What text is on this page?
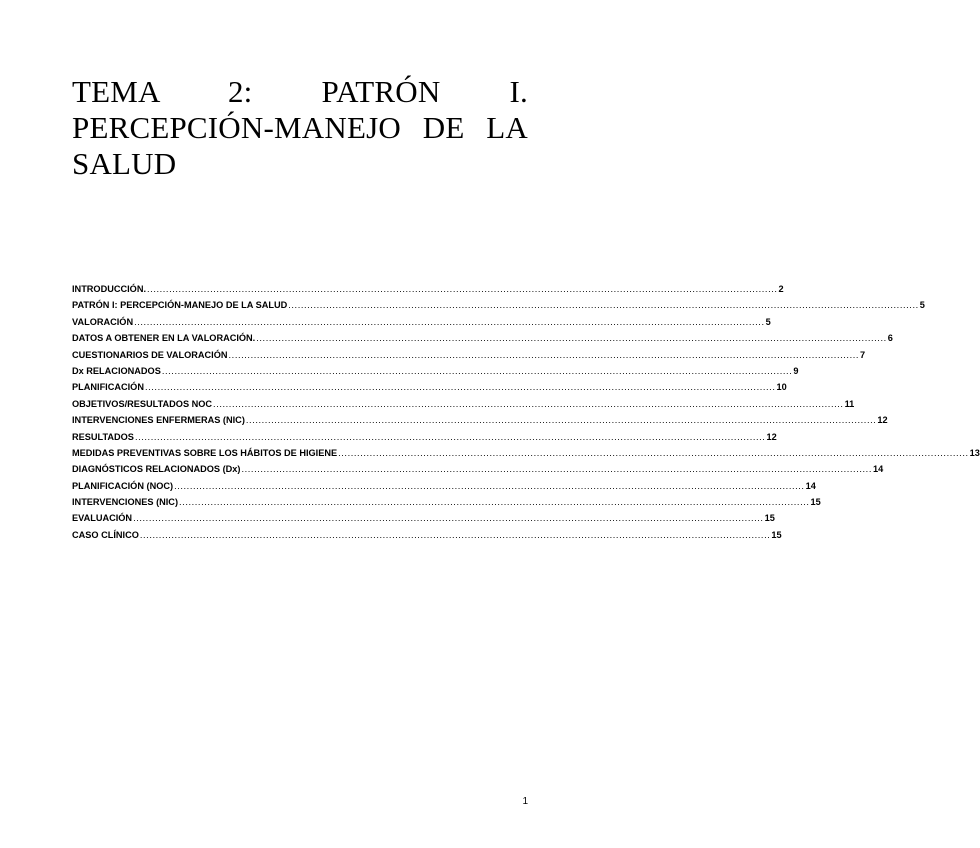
TEMA 2: PATRÓN I.
PERCEPCIÓN-MANEJO DE LA
SALUD
INTRODUCCIÓN. ........................................................................................................................................................................................................ 2
PATRÓN I: PERCEPCIÓN-MANEJO DE LA SALUD ........................................................................................................................................................................................................ 5
VALORACIÓN ........................................................................................................................................................................................................ 5
DATOS A OBTENER EN LA VALORACIÓN. ........................................................................................................................................................................................................ 6
CUESTIONARIOS DE VALORACIÓN ........................................................................................................................................................................................................ 7
Dx RELACIONADOS ........................................................................................................................................................................................................ 9
PLANIFICACIÓN ........................................................................................................................................................................................................ 10
OBJETIVOS/RESULTADOS NOC ........................................................................................................................................................................................................ 11
INTERVENCIONES ENFERMERAS (NIC) ........................................................................................................................................................................................................ 12
RESULTADOS ........................................................................................................................................................................................................ 12
MEDIDAS PREVENTIVAS SOBRE LOS HÁBITOS DE HIGIENE ........................................................................................................................................................................................................ 13
DIAGNÓSTICOS RELACIONADOS (Dx) ........................................................................................................................................................................................................ 14
PLANIFICACIÓN (NOC) ........................................................................................................................................................................................................ 14
INTERVENCIONES (NIC) ........................................................................................................................................................................................................ 15
EVALUACIÓN ........................................................................................................................................................................................................ 15
CASO CLÍNICO ........................................................................................................................................................................................................ 15
1
